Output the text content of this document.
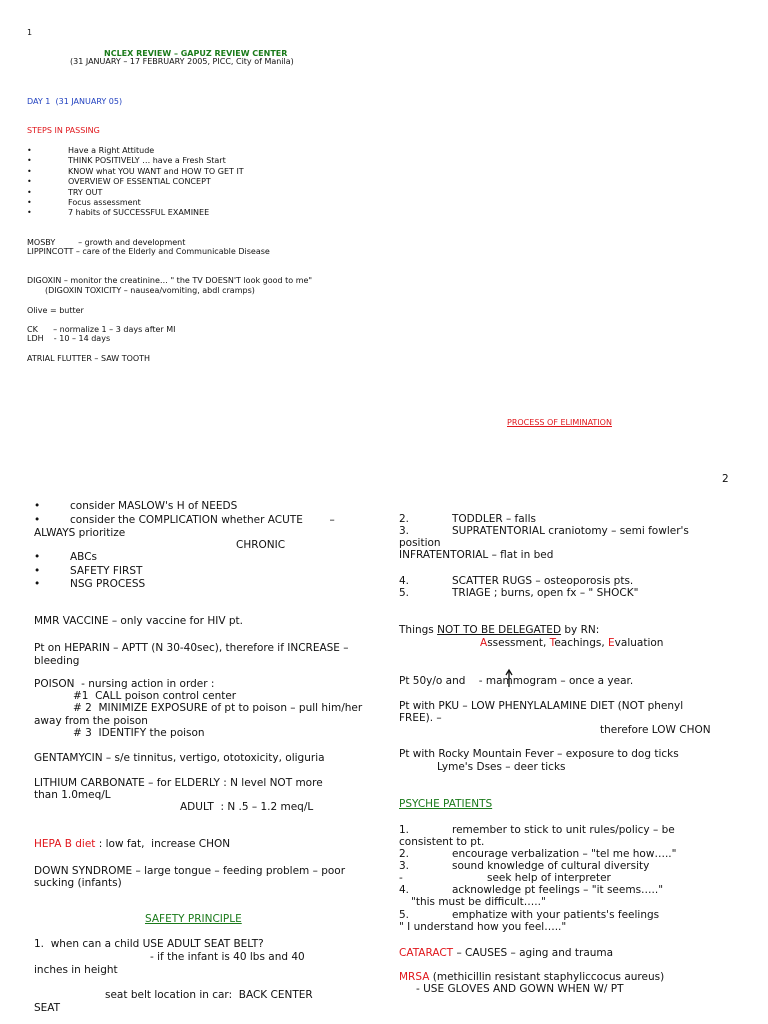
1
NCLEX REVIEW – GAPUZ REVIEW CENTER
(31 JANUARY – 17 FEBRUARY 2005, PICC, City of Manila)
DAY 1  (31 JANUARY 05)
STEPS IN PASSING
•	Have a Right Attitude
•	THINK POSITIVELY … have a Fresh Start
•	KNOW what YOU WANT and HOW TO GET IT
•	OVERVIEW OF ESSENTIAL CONCEPT
•	TRY OUT
•	Focus assessment
•	7 habits of SUCCESSFUL EXAMINEE
MOSBY         – growth and development
LIPPINCOTT – care of the Elderly and Communicable Disease
DIGOXIN – monitor the creatinine… " the TV DOESN'T look good to me"
(DIGOXIN TOXICITY – nausea/vomiting, abdl cramps)
Olive = butter
CK      – normalize 1 – 3 days after MI
LDH    - 10 – 14 days
ATRIAL FLUTTER – SAW TOOTH
PROCESS OF ELIMINATION
2
•	consider MASLOW's H of NEEDS
•	consider the COMPLICATION whether ACUTE        –
ALWAYS prioritize
CHRONIC
•	ABCs
•	SAFETY FIRST
•	NSG PROCESS
MMR VACCINE – only vaccine for HIV pt.
Pt on HEPARIN – APTT (N 30-40sec), therefore if INCREASE –
bleeding
POISON  - nursing action in order :
#1  CALL poison control center
# 2  MINIMIZE EXPOSURE of pt to poison – pull him/her
away from the poison
# 3  IDENTIFY the poison
GENTAMYCIN – s/e tinnitus, vertigo, ototoxicity, oliguria
LITHIUM CARBONATE – for ELDERLY : N level NOT more
than 1.0meq/L
ADULT  : N .5 – 1.2 meq/L
HEPA B diet : low fat,  increase CHON
DOWN SYNDROME – large tongue – feeding problem – poor
sucking (infants)
SAFETY PRINCIPLE
1.  when can a child USE ADULT SEAT BELT?
- if the infant is 40 lbs and 40
inches in height
seat belt location in car:  BACK CENTER
SEAT
2.	TODDLER – falls
3.	SUPRATENTORIAL craniotomy – semi fowler's
position
INFRATENTORIAL – flat in bed
4.	SCATTER RUGS – osteoporosis pts.
5.	TRIAGE ; burns, open fx – " SHOCK"
Things NOT TO BE DELEGATED by RN:
Assessment, Teachings, Evaluation
Pt 50y/o and    - mammogram – once a year.
Pt with PKU – LOW PHENYLALAMINE DIET (NOT phenyl
FREE). –
therefore LOW CHON
Pt with Rocky Mountain Fever – exposure to dog ticks
Lyme's Dses – deer ticks
PSYCHE PATIENTS
1.	remember to stick to unit rules/policy – be
consistent to pt.
2.	encourage verbalization – "tel me how….."
3.	sound knowledge of cultural diversity
-	seek help of interpreter
4.	acknowledge pt feelings – "it seems….."
"this must be difficult….."
5.	emphatize with your patients's feelings
" I understand how you feel….."
CATARACT – CAUSES – aging and trauma
MRSA (methicillin resistant staphyliccocus aureus)
- USE GLOVES AND GOWN WHEN W/ PT
